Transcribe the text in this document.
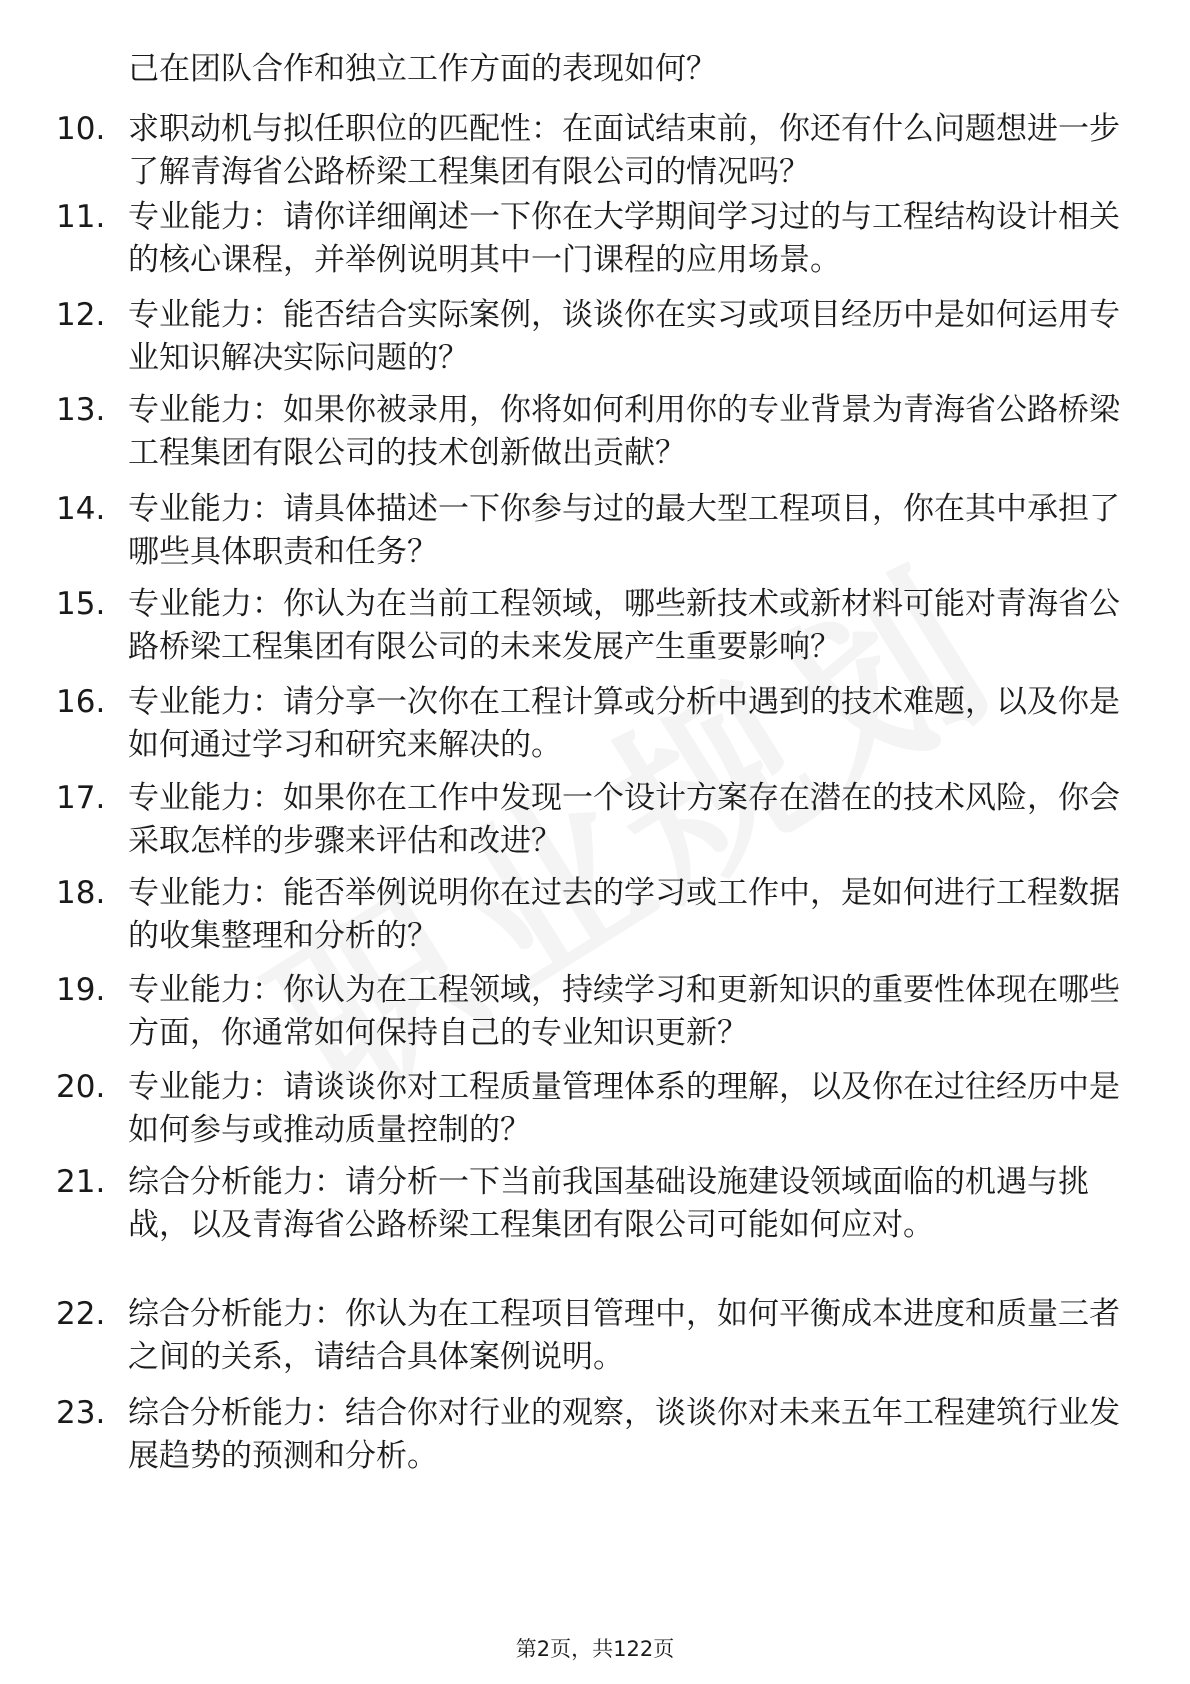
己在团队合作和独立工作方面的表现如何？
10. 求职动机与拟任职位的匹配性：在面试结束前，你还有什么问题想进一步了解青海省公路桥梁工程集团有限公司的情况吗？
11. 专业能力：请你详细阐述一下你在大学期间学习过的与工程结构设计相关的核心课程，并举例说明其中一门课程的应用场景。
12. 专业能力：能否结合实际案例，谈谈你在实习或项目经历中是如何运用专业知识解决实际问题的？
13. 专业能力：如果你被录用，你将如何利用你的专业背景为青海省公路桥梁工程集团有限公司的技术创新做出贡献？
14. 专业能力：请具体描述一下你参与过的最大型工程项目，你在其中承担了哪些具体职责和任务？
15. 专业能力：你认为在当前工程领域，哪些新技术或新材料可能对青海省公路桥梁工程集团有限公司的未来发展产生重要影响？
16. 专业能力：请分享一次你在工程计算或分析中遇到的技术难题，以及你是如何通过学习和研究来解决的。
17. 专业能力：如果你在工作中发现一个设计方案存在潜在的技术风险，你会采取怎样的步骤来评估和改进？
18. 专业能力：能否举例说明你在过去的学习或工作中，是如何进行工程数据的收集整理和分析的？
19. 专业能力：你认为在工程领域，持续学习和更新知识的重要性体现在哪些方面，你通常如何保持自己的专业知识更新？
20. 专业能力：请谈谈你对工程质量管理体系的理解，以及你在过往经历中是如何参与或推动质量控制的？
21. 综合分析能力：请分析一下当前我国基础设施建设领域面临的机遇与挑战，以及青海省公路桥梁工程集团有限公司可能如何应对。
22. 综合分析能力：你认为在工程项目管理中，如何平衡成本进度和质量三者之间的关系，请结合具体案例说明。
23. 综合分析能力：结合你对行业的观察，谈谈你对未来五年工程建筑行业发展趋势的预测和分析。
第2页，共122页
